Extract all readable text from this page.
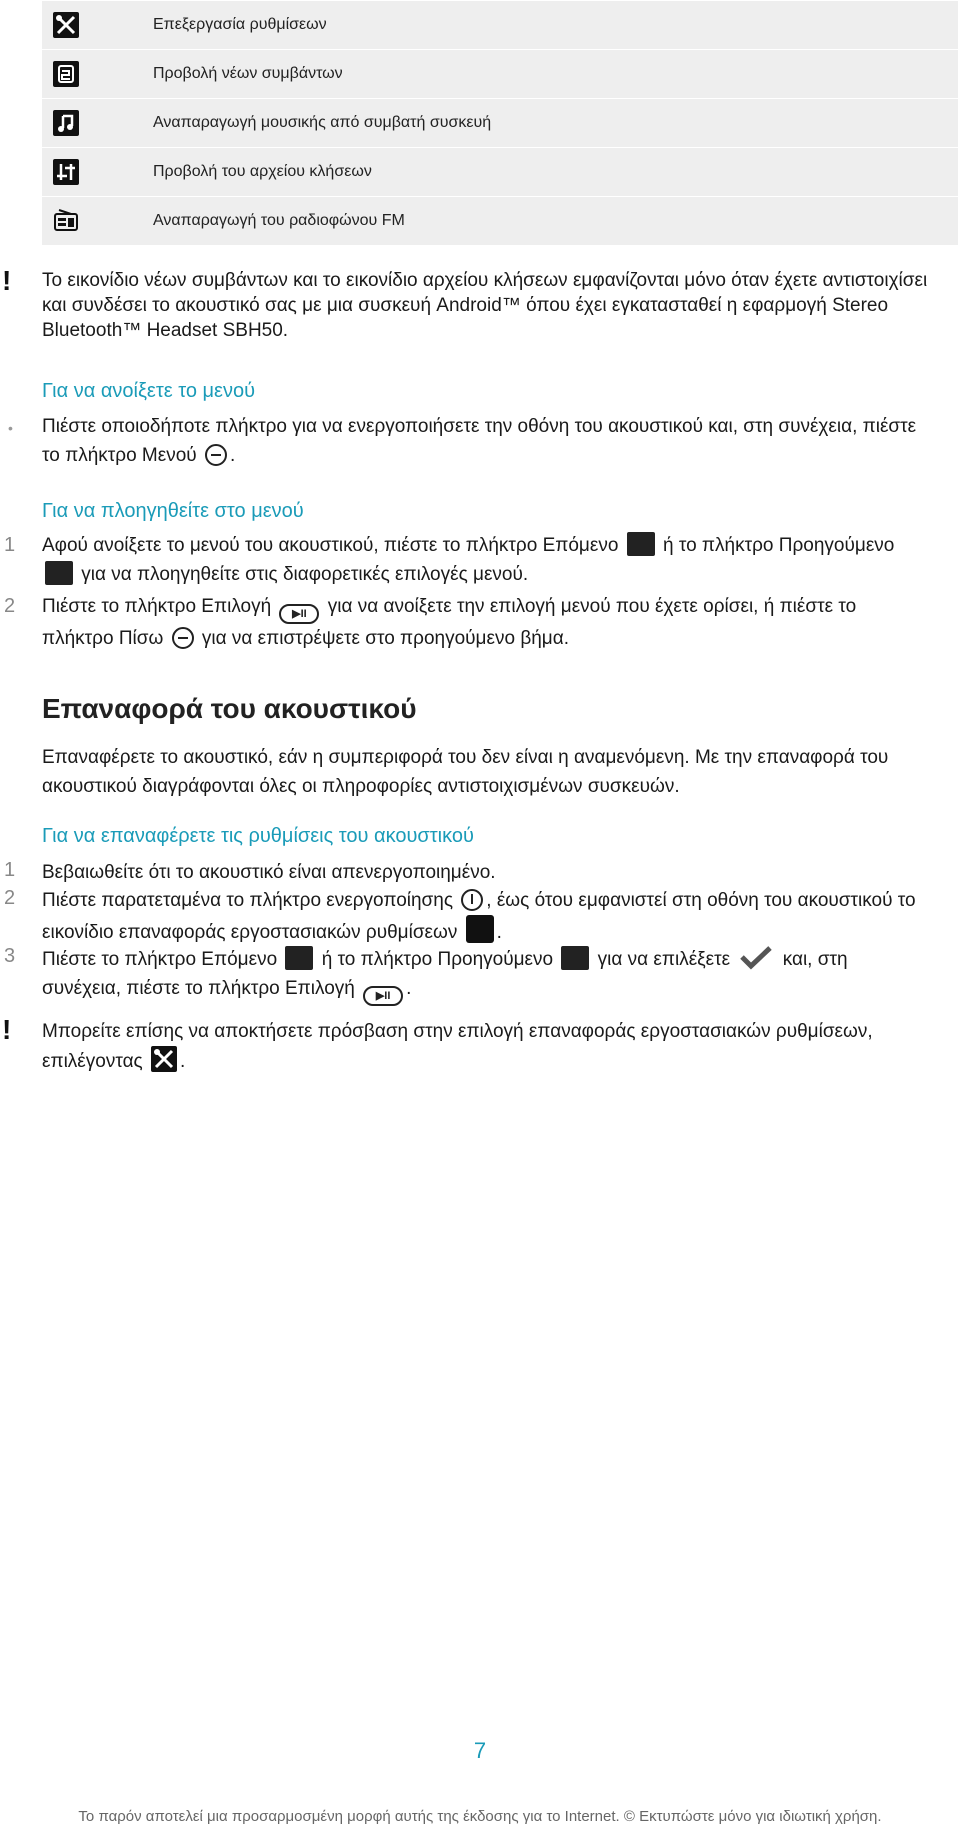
Επεξεργασία ρυθμίσεων
Προβολή νέων συμβάντων
Αναπαραγωγή μουσικής από συμβατή συσκευή
Προβολή του αρχείου κλήσεων
Αναπαραγωγή του ραδιοφώνου FM
! Το εικονίδιο νέων συμβάντων και το εικονίδιο αρχείου κλήσεων εμφανίζονται μόνο όταν έχετε αντιστοιχίσει και συνδέσει το ακουστικό σας με μια συσκευή Android™ όπου έχει εγκατασταθεί η εφαρμογή Stereo Bluetooth™ Headset SBH50.
Για να ανοίξετε το μενού
• Πιέστε οποιοδήποτε πλήκτρο για να ενεργοποιήσετε την οθόνη του ακουστικού και, στη συνέχεια, πιέστε το πλήκτρο Μενού .
Για να πλοηγηθείτε στο μενού
1 Αφού ανοίξετε το μενού του ακουστικού, πιέστε το πλήκτρο Επόμενο ή το πλήκτρο Προηγούμενο  για να πλοηγηθείτε στις διαφορετικές επιλογές μενού.
2 Πιέστε το πλήκτρο Επιλογή ▶II για να ανοίξετε την επιλογή μενού που έχετε ορίσει, ή πιέστε το πλήκτρο Πίσω για να επιστρέψετε στο προηγούμενο βήμα.
Επαναφορά του ακουστικού
Επαναφέρετε το ακουστικό, εάν η συμπεριφορά του δεν είναι η αναμενόμενη. Με την επαναφορά του ακουστικού διαγράφονται όλες οι πληροφορίες αντιστοιχισμένων συσκευών.
Για να επαναφέρετε τις ρυθμίσεις του ακουστικού
1 Βεβαιωθείτε ότι το ακουστικό είναι απενεργοποιημένο.
2 Πιέστε παρατεταμένα το πλήκτρο ενεργοποίησης , έως ότου εμφανιστεί στη οθόνη του ακουστικού το εικονίδιο επαναφοράς εργοστασιακών ρυθμίσεων .
3 Πιέστε το πλήκτρο Επόμενο ή το πλήκτρο Προηγούμενο για να επιλέξετε	και, στη συνέχεια, πιέστε το πλήκτρο Επιλογή ▶II .
! Μπορείτε επίσης να αποκτήσετε πρόσβαση στην επιλογή επαναφοράς εργοστασιακών ρυθμίσεων, επιλέγοντας .
7
Το παρόν αποτελεί μια προσαρμοσμένη μορφή αυτής της έκδοσης για το Internet. © Εκτυπώστε μόνο για ιδιωτική χρήση.
